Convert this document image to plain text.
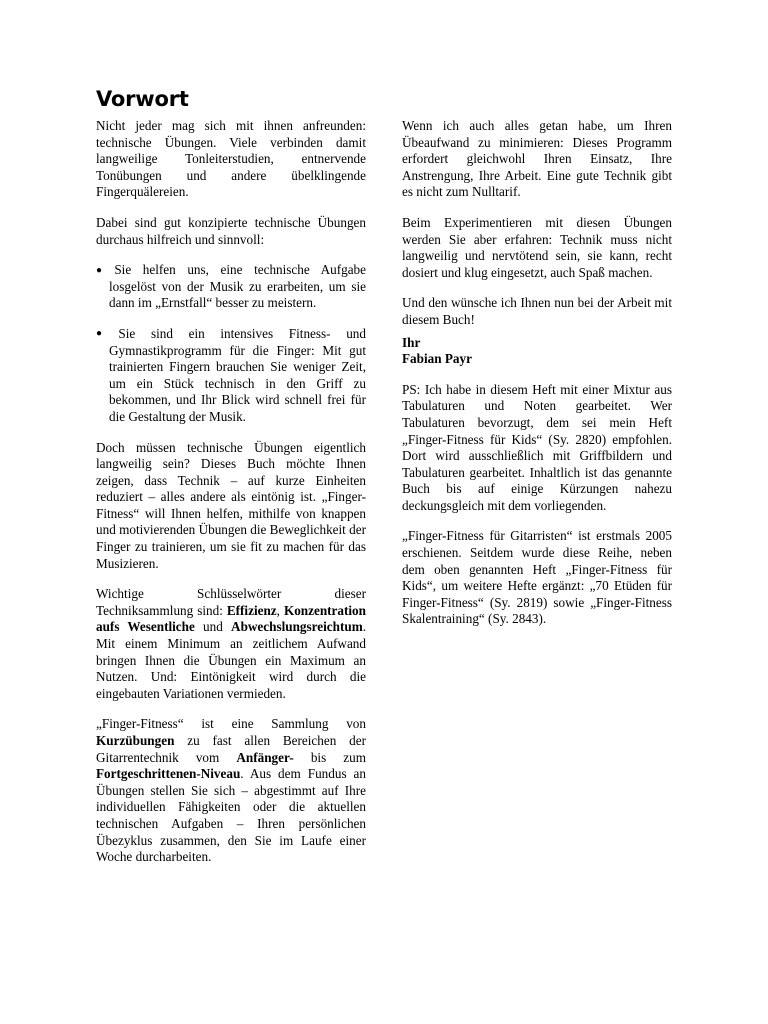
Vorwort

Nicht jeder mag sich mit ihnen anfreunden: technische Übungen. Viele verbinden damit langweilige Tonleiterstudien, entnervende Tonübungen und andere übelklingende Fingerquälereien.

Dabei sind gut konzipierte technische Übungen durchaus hilfreich und sinnvoll:

● Sie helfen uns, eine technische Aufgabe losgelöst von der Musik zu erarbeiten, um sie dann im „Ernstfall“ besser zu meistern.

● Sie sind ein intensives Fitness- und Gymnastikprogramm für die Finger: Mit gut trainierten Fingern brauchen Sie weniger Zeit, um ein Stück technisch in den Griff zu bekommen, und Ihr Blick wird schnell frei für die Gestaltung der Musik.

Doch müssen technische Übungen eigentlich langweilig sein? Dieses Buch möchte Ihnen zeigen, dass Technik – auf kurze Einheiten reduziert – alles andere als eintönig ist. „Finger-Fitness“ will Ihnen helfen, mithilfe von knappen und motivierenden Übungen die Beweglichkeit der Finger zu trainieren, um sie fit zu machen für das Musizieren.

Wichtige Schlüsselwörter dieser Techniksammlung sind: Effizienz, Konzentration aufs Wesentliche und Abwechslungsreichtum. Mit einem Minimum an zeitlichem Aufwand bringen Ihnen die Übungen ein Maximum an Nutzen. Und: Eintönigkeit wird durch die eingebauten Variationen vermieden.

„Finger-Fitness“ ist eine Sammlung von Kurzübungen zu fast allen Bereichen der Gitarrentechnik vom Anfänger- bis zum Fortgeschrittenen-Niveau. Aus dem Fundus an Übungen stellen Sie sich – abgestimmt auf Ihre individuellen Fähigkeiten oder die aktuellen technischen Aufgaben – Ihren persönlichen Übezyklus zusammen, den Sie im Laufe einer Woche durcharbeiten.

Wenn ich auch alles getan habe, um Ihren Übeaufwand zu minimieren: Dieses Programm erfordert gleichwohl Ihren Einsatz, Ihre Anstrengung, Ihre Arbeit. Eine gute Technik gibt es nicht zum Nulltarif.

Beim Experimentieren mit diesen Übungen werden Sie aber erfahren: Technik muss nicht langweilig und nervtötend sein, sie kann, recht dosiert und klug eingesetzt, auch Spaß machen.

Und den wünsche ich Ihnen nun bei der Arbeit mit diesem Buch!

Ihr

Fabian Payr

PS: Ich habe in diesem Heft mit einer Mixtur aus Tabulaturen und Noten gearbeitet. Wer Tabulaturen bevorzugt, dem sei mein Heft „Finger-Fitness für Kids“ (Sy. 2820) empfohlen. Dort wird ausschließlich mit Griffbildern und Tabulaturen gearbeitet. Inhaltlich ist das genannte Buch bis auf einige Kürzungen nahezu deckungsgleich mit dem vorliegenden.

„Finger-Fitness für Gitarristen“ ist erstmals 2005 erschienen. Seitdem wurde diese Reihe, neben dem oben genannten Heft „Finger-Fitness für Kids“, um weitere Hefte ergänzt: „70 Etüden für Finger-Fitness“ (Sy. 2819) sowie „Finger-Fitness Skalentraining“ (Sy. 2843).
